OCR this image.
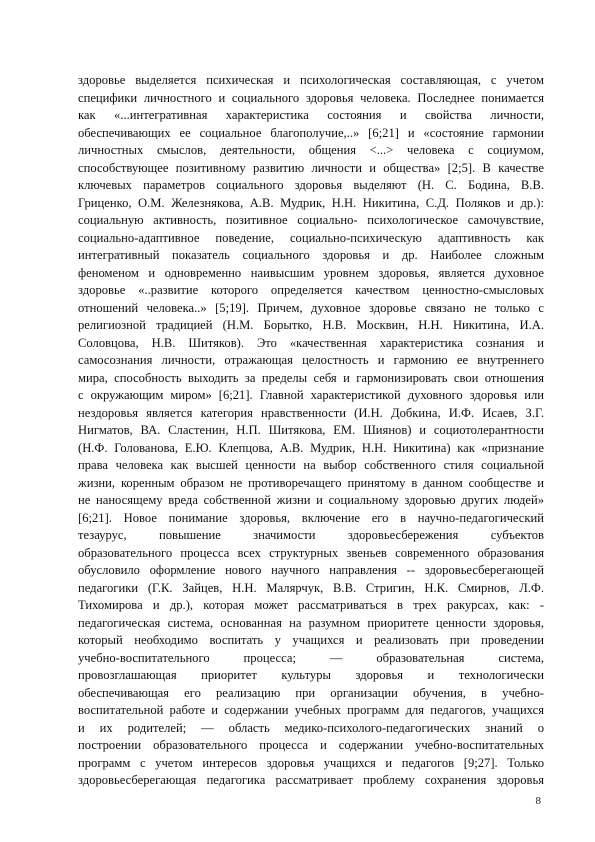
здоровье выделяется психическая и психологическая составляющая, с учетом
специфики личностного и социального здоровья человека. Последнее понимается
как «...интегративная характеристика состояния и свойства личности,
обеспечивающих ее социальное благополучие,..» [6;21] и «состояние гармонии
личностных смыслов, деятельности, общения <...> человека с социумом,
способствующее позитивному развитию личности и общества» [2;5]. В качестве
ключевых параметров социального здоровья выделяют (Н. С. Бодина, В.В.
Гриценко, О.М. Железнякова, А.В. Мудрик, Н.Н. Никитина, С.Д. Поляков и др.):
социальную активность, позитивное социально- психологическое самочувствие,
социально-адаптивное поведение, социально-психическую адаптивность как
интегративный показатель социального здоровья и др. Наиболее сложным
феноменом и одновременно наивысшим уровнем здоровья, является духовное
здоровье «..развитие которого определяется качеством ценностно-смысловых
отношений человека..» [5;19]. Причем, духовное здоровье связано не только с
религиозной традицией (Н.М. Борытко, Н.В. Москвин, Н.Н. Никитина, И.А.
Соловцова, Н.В. Шитяков). Это «качественная характеристика сознания и
самосознания личности, отражающая целостность и гармонию ее внутреннего
мира, способность выходить за пределы себя и гармонизировать свои отношения
с окружающим миром» [6;21]. Главной характеристикой духовного здоровья или
нездоровья является категория нравственности (И.Н. Добкина, И.Ф. Исаев, З.Г.
Нигматов, ВА. Сластенин, Н.П. Шитякова, ЕМ. Шиянов) и социотолерантности
(Н.Ф. Голованова, Е.Ю. Клепцова, А.В. Мудрик, Н.Н. Никитина) как «признание
права человека как высшей ценности на выбор собственного стиля социальной
жизни, коренным образом не противоречащего принятому в данном сообществе и
не наносящему вреда собственной жизни и социальному здоровью других людей»
[6;21]. Новое понимание здоровья, включение его в научно-педагогический
тезаурус, повышение значимости здоровьесбережения субъектов
образовательного процесса всех структурных звеньев современного образования
обусловило оформление нового научного направления -- здоровьесберегающей
педагогики (Г.К. Зайцев, Н.Н. Малярчук, В.В. Стригин, Н.К. Смирнов, Л.Ф.
Тихомирова и др.), которая может рассматриваться в трех ракурсах, как: -
педагогическая система, основанная на разумном приоритете ценности здоровья,
который необходимо воспитать у учащихся и реализовать при проведении
учебно-воспитательного процесса; — образовательная система,
провозглашающая приоритет культуры здоровья и технологически
обеспечивающая его реализацию при организации обучения, в учебно-
воспитательной работе и содержании учебных программ для педагогов, учащихся
и их родителей; — область медико-психолого-педагогических знаний о
построении образовательного процесса и содержании учебно-воспитательных
программ с учетом интересов здоровья учащихся и педагогов [9;27]. Только
здоровьесберегающая педагогика рассматривает проблему сохранения здоровья
8
